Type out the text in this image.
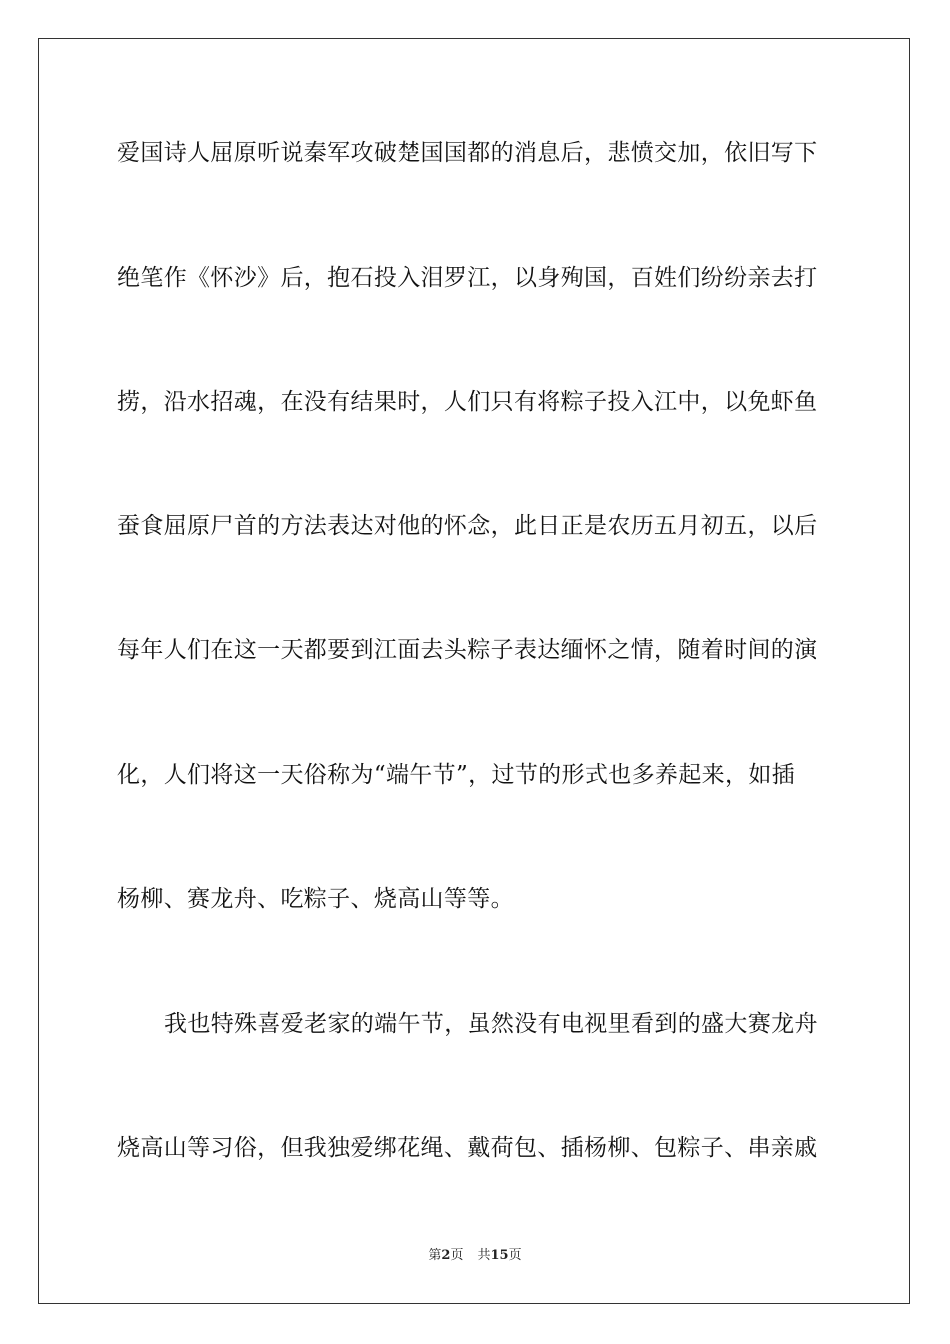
爱国诗人屈原听说秦军攻破楚国国都的消息后，悲愤交加，依旧写下
绝笔作《怀沙》后，抱石投入泪罗江，以身殉国，百姓们纷纷亲去打
捞，沿水招魂，在没有结果时，人们只有将粽子投入江中，以免虾鱼
蚕食屈原尸首的方法表达对他的怀念，此日正是农历五月初五，以后
每年人们在这一天都要到江面去头粽子表达缅怀之情，随着时间的演
化，人们将这一天俗称为“端午节”，过节的形式也多养起来，如插
杨柳、赛龙舟、吃粽子、烧高山等等。
我也特殊喜爱老家的端午节，虽然没有电视里看到的盛大赛龙舟
烧高山等习俗，但我独爱绑花绳、戴荷包、插杨柳、包粽子、串亲戚
第2页 共15页
